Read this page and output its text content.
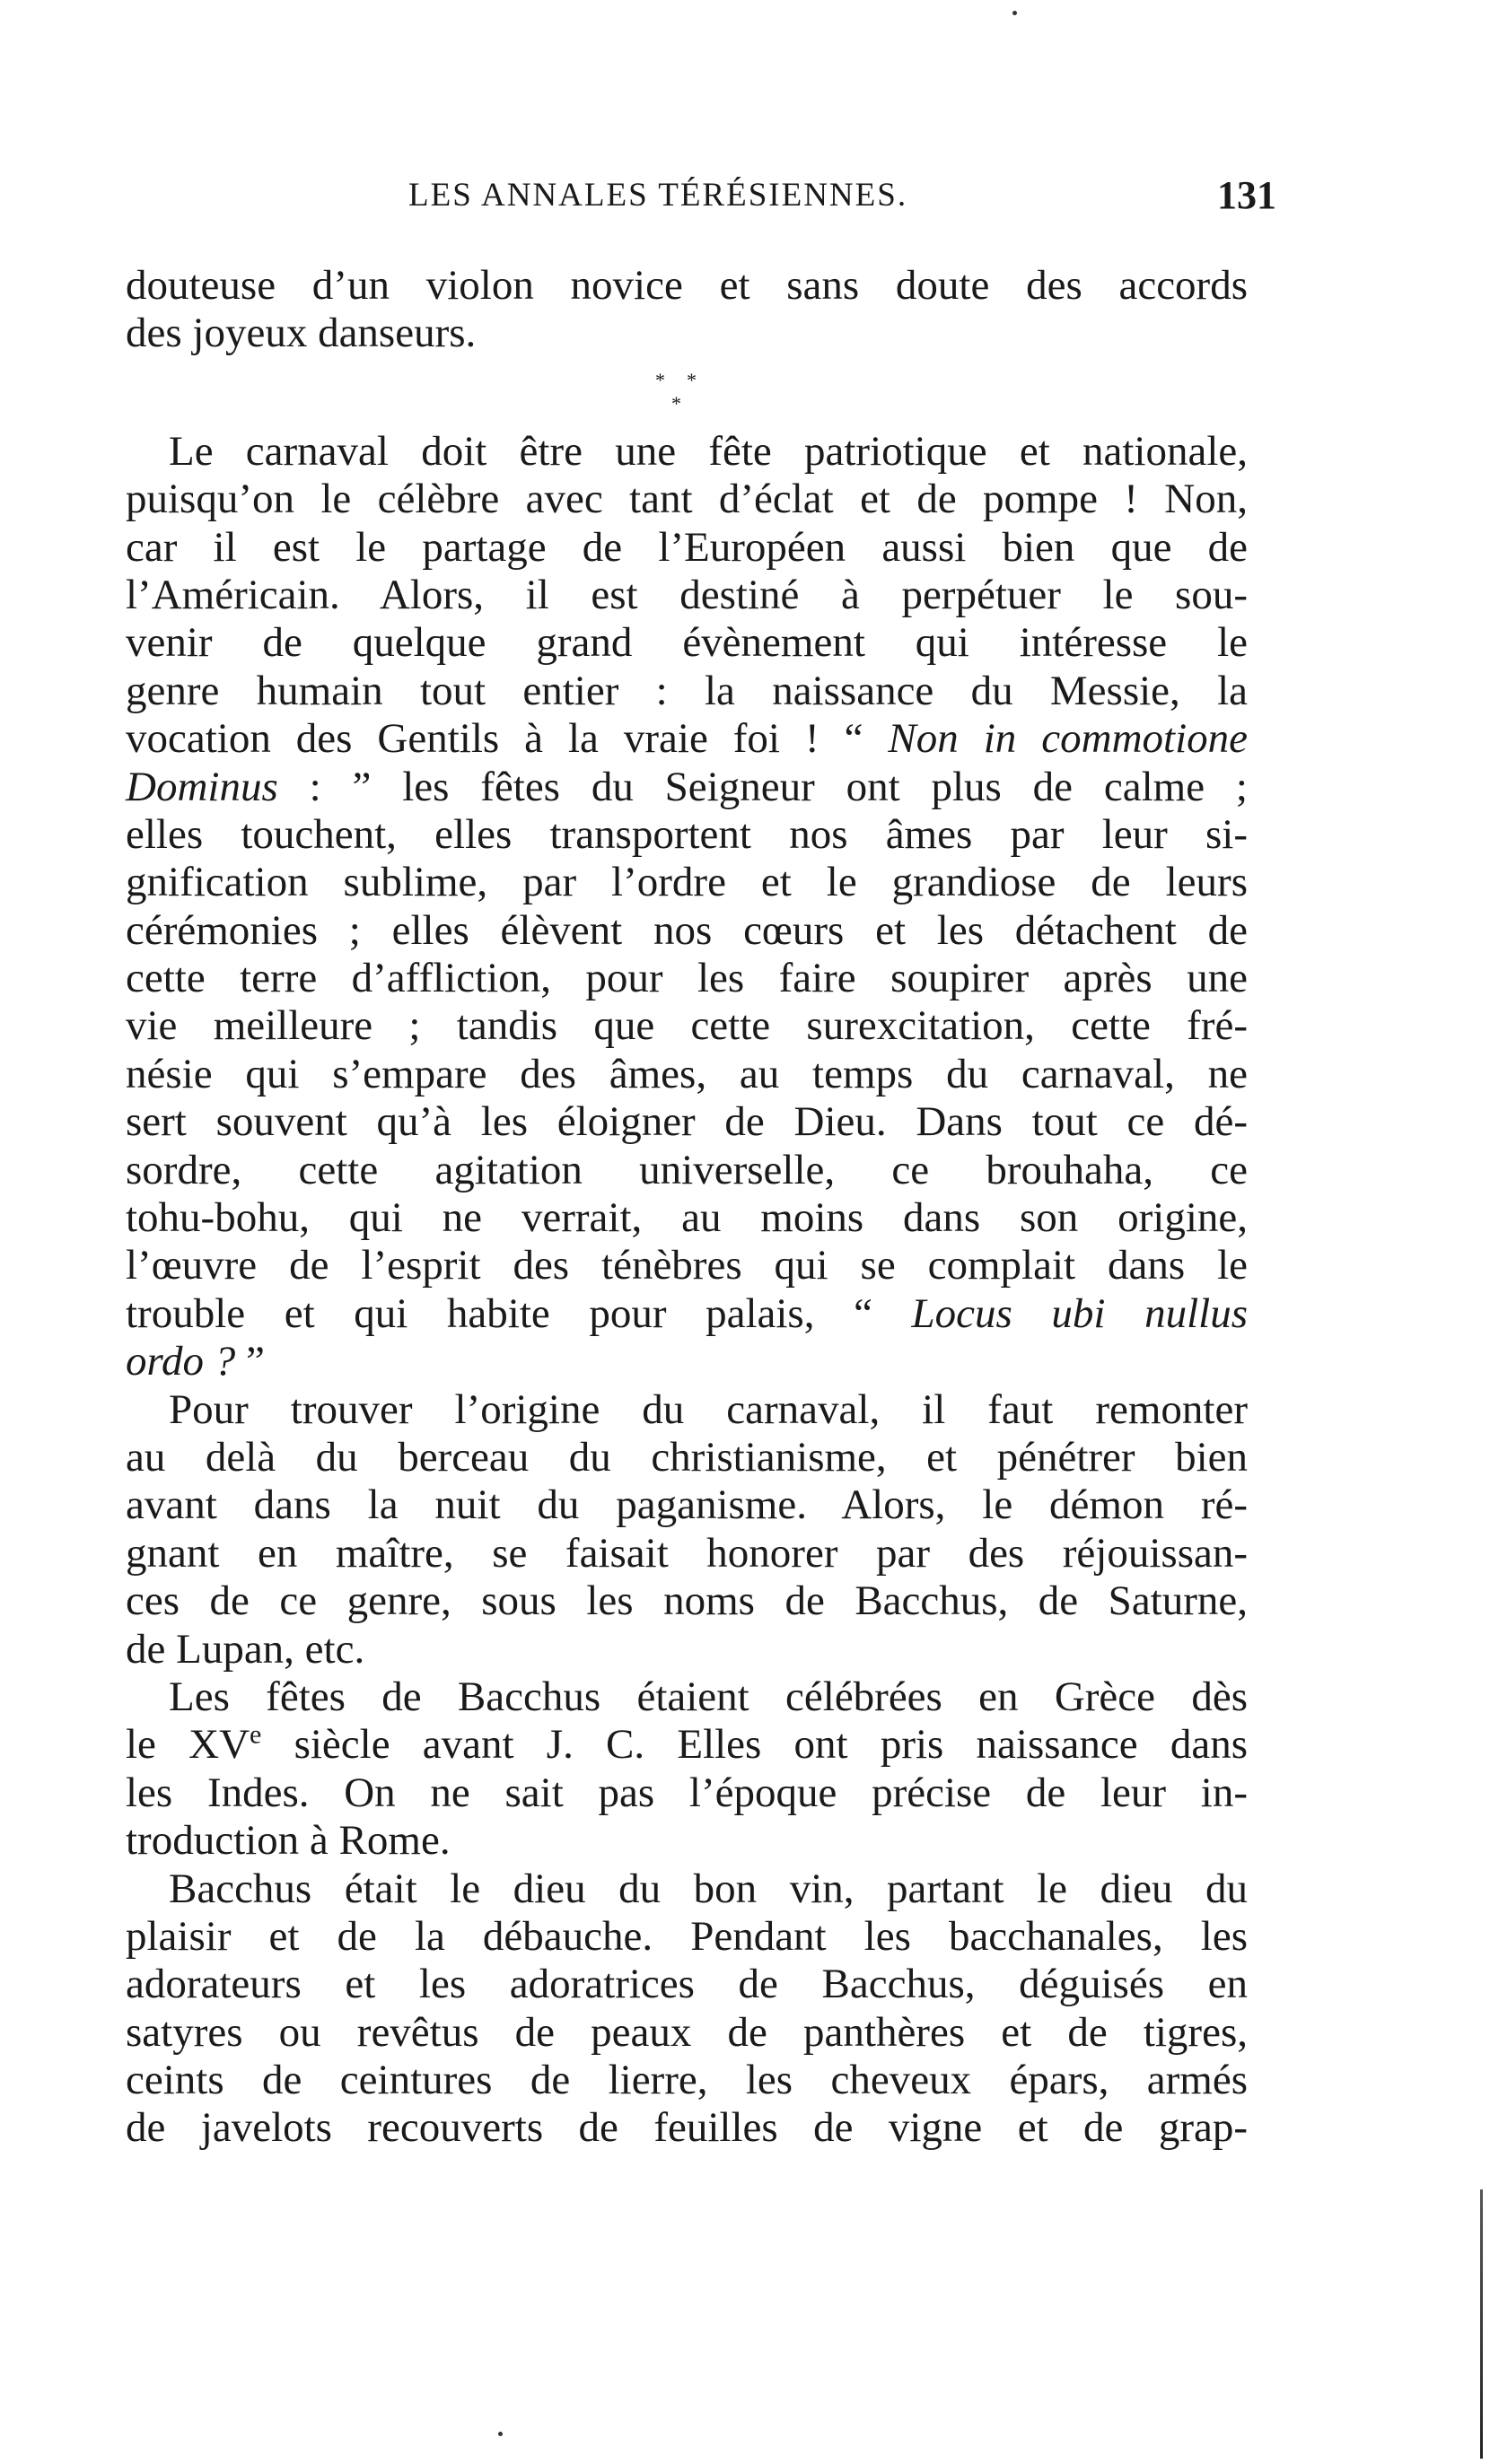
LES ANNALES TÉRÉSIENNES.	131
douteuse d’un violon novice et sans doute des accords
des joyeux danseurs.
* *
*
Le carnaval doit être une fête patriotique et nationale,
puisqu’on le célèbre avec tant d’éclat et de pompe ! Non,
car il est le partage de l’Européen aussi bien que de
l’Américain. Alors, il est destiné à perpétuer le sou-
venir de quelque grand évènement qui intéresse le
genre humain tout entier : la naissance du Messie, la
vocation des Gentils à la vraie foi ! “ Non in commotione
Dominus : ” les fêtes du Seigneur ont plus de calme ;
elles touchent, elles transportent nos âmes par leur si-
gnification sublime, par l’ordre et le grandiose de leurs
cérémonies ; elles élèvent nos cœurs et les détachent de
cette terre d’affliction, pour les faire soupirer après une
vie meilleure ; tandis que cette surexcitation, cette fré-
nésie qui s’empare des âmes, au temps du carnaval, ne
sert souvent qu’à les éloigner de Dieu. Dans tout ce dé-
sordre, cette agitation universelle, ce brouhaha, ce
tohu-bohu, qui ne verrait, au moins dans son origine,
l’œuvre de l’esprit des ténèbres qui se complait dans le
trouble et qui habite pour palais, “ Locus ubi nullus
ordo ? ”
Pour trouver l’origine du carnaval, il faut remonter
au delà du berceau du christianisme, et pénétrer bien
avant dans la nuit du paganisme. Alors, le démon ré-
gnant en maître, se faisait honorer par des réjouissan-
ces de ce genre, sous les noms de Bacchus, de Saturne,
de Lupan, etc.
Les fêtes de Bacchus étaient célébrées en Grèce dès
le XVe siècle avant J. C. Elles ont pris naissance dans
les Indes. On ne sait pas l’époque précise de leur in-
troduction à Rome.
Bacchus était le dieu du bon vin, partant le dieu du
plaisir et de la débauche. Pendant les bacchanales, les
adorateurs et les adoratrices de Bacchus, déguisés en
satyres ou revêtus de peaux de panthères et de tigres,
ceints de ceintures de lierre, les cheveux épars, armés
de javelots recouverts de feuilles de vigne et de grap-
